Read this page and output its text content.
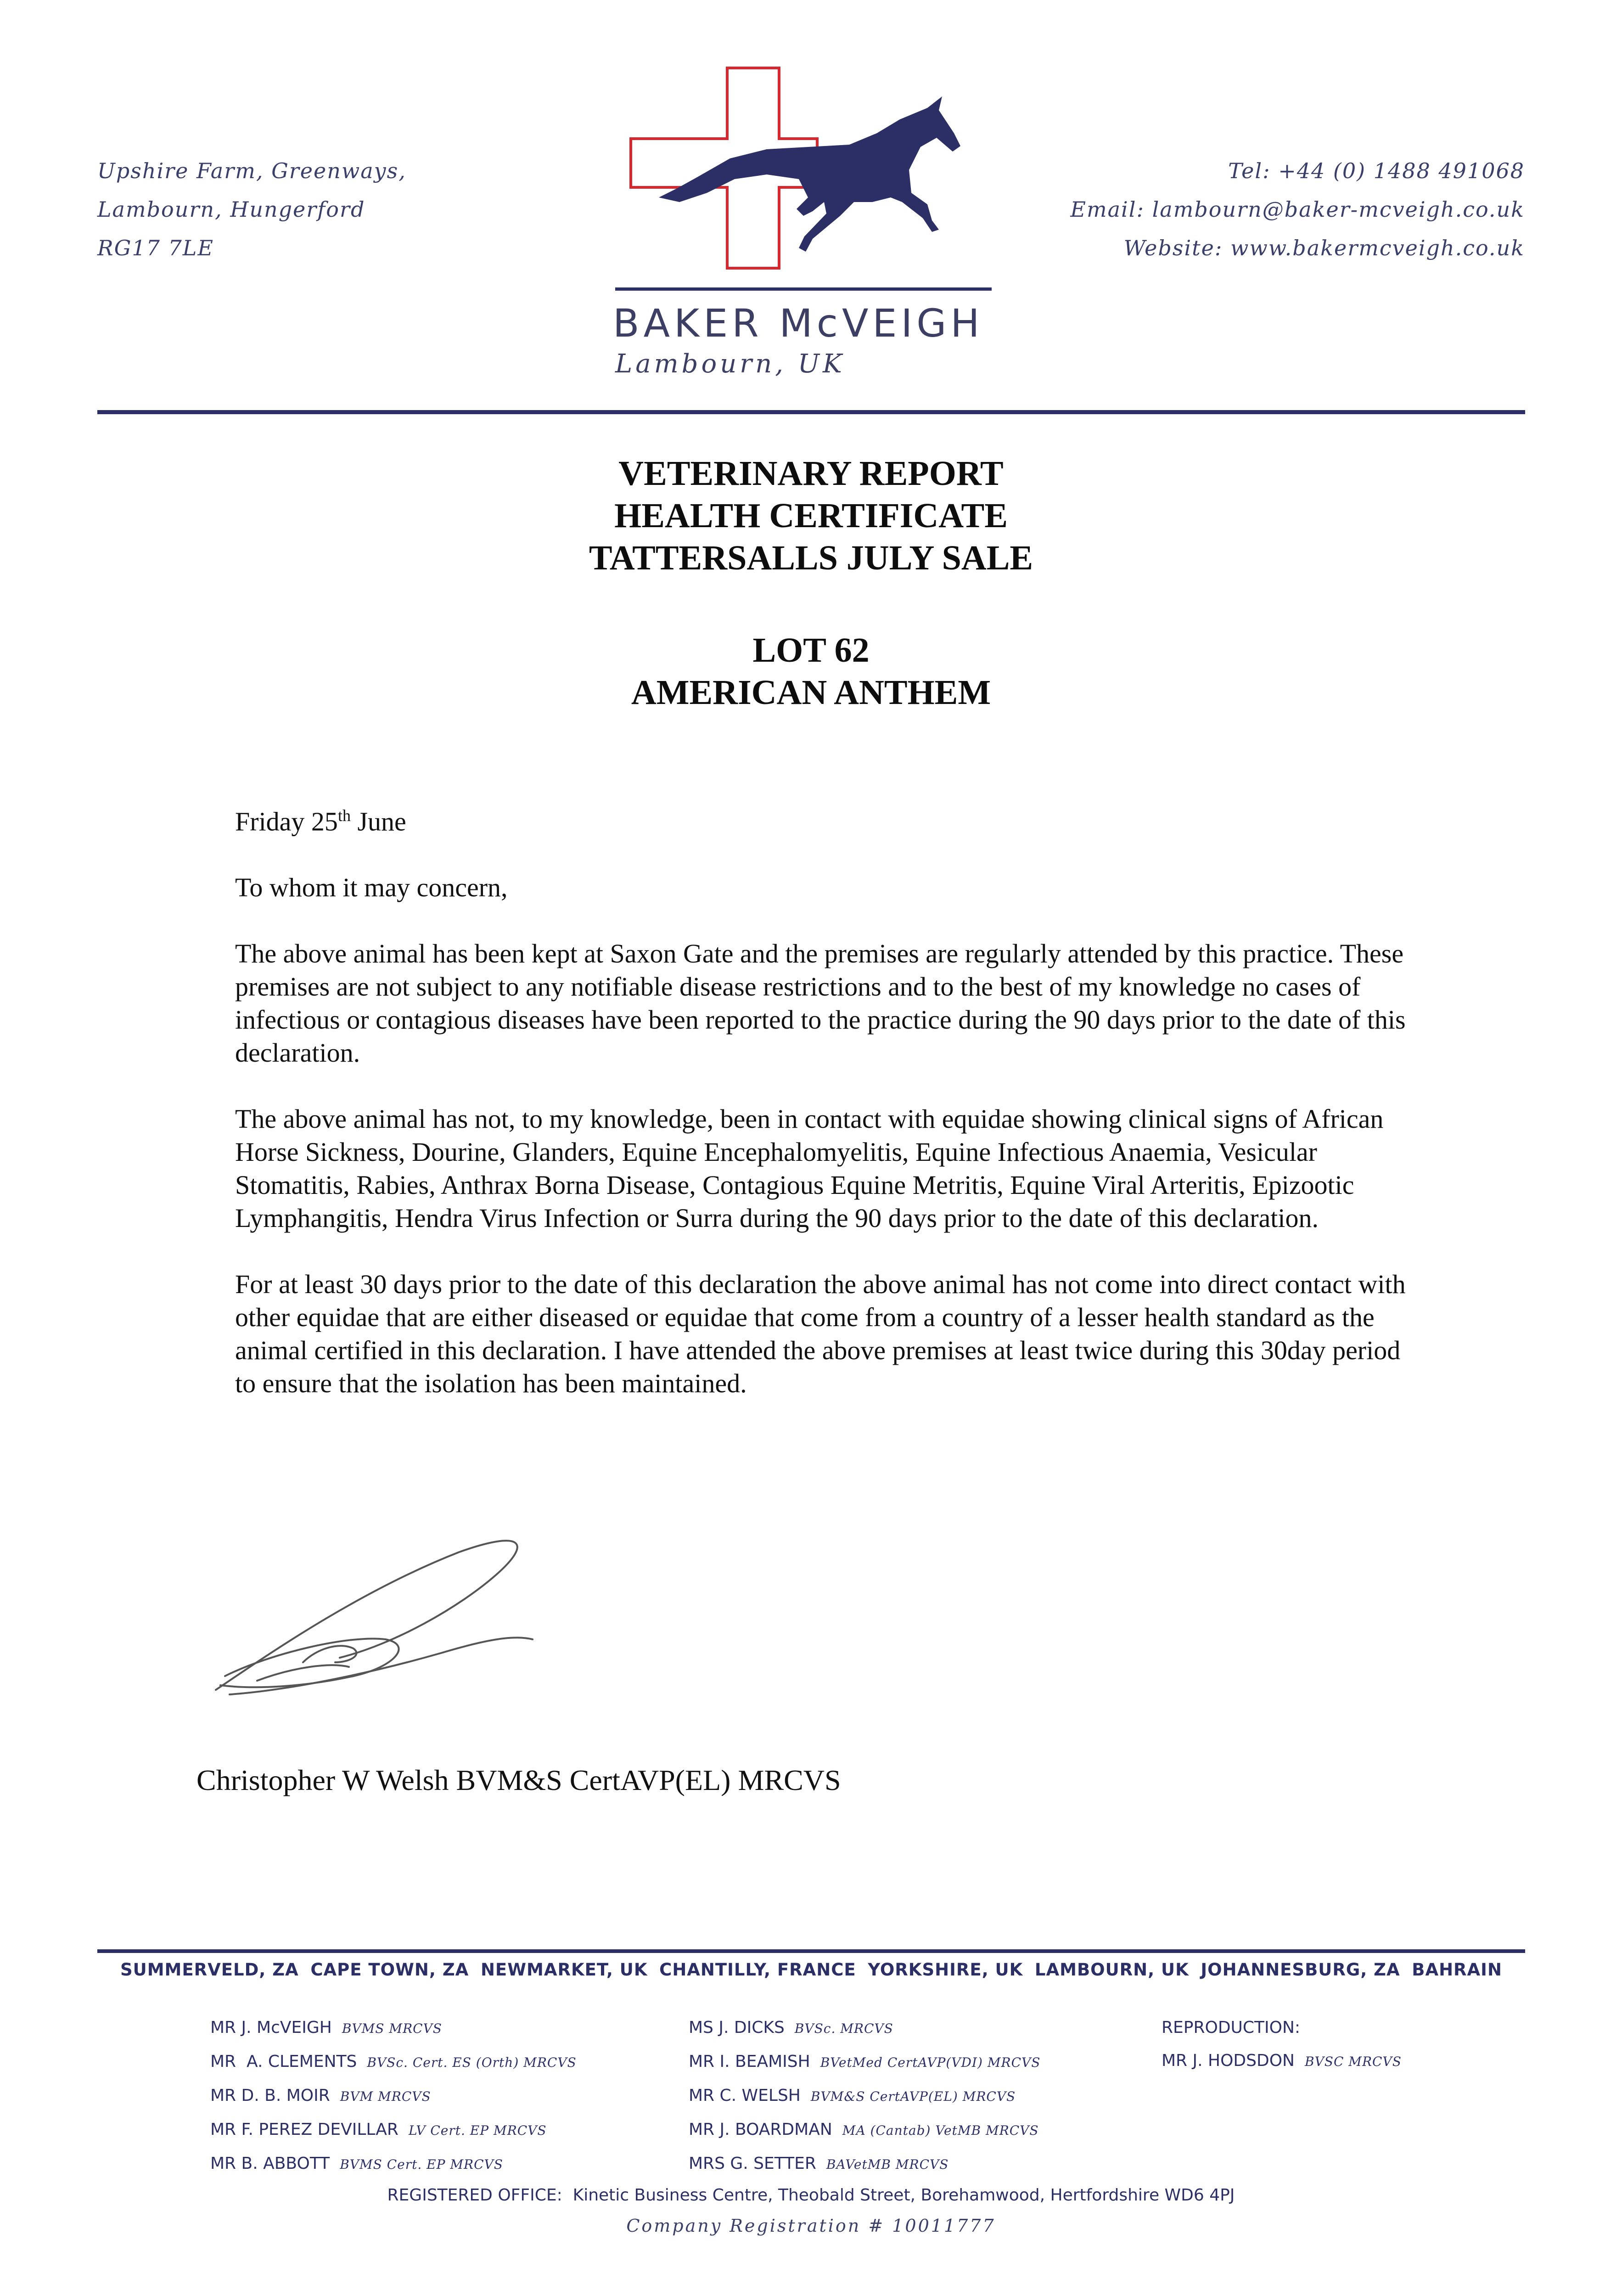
Upshire Farm, Greenways,
Lambourn, Hungerford
RG17 7LE
Tel: +44 (0) 1488 491068
Email: lambourn@baker-mcveigh.co.uk
Website: www.bakermcveigh.co.uk
BAKER McVEIGH
Lambourn, UK
VETERINARY REPORT
HEALTH CERTIFICATE
TATTERSALLS JULY SALE
LOT 62
AMERICAN ANTHEM

Friday 25th June

To whom it may concern,

The above animal has been kept at Saxon Gate and the premises are regularly attended by this practice. These premises are not subject to any notifiable disease restrictions and to the best of my knowledge no cases of infectious or contagious diseases have been reported to the practice during the 90 days prior to the date of this declaration.

The above animal has not, to my knowledge, been in contact with equidae showing clinical signs of African Horse Sickness, Dourine, Glanders, Equine Encephalomyelitis, Equine Infectious Anaemia, Vesicular Stomatitis, Rabies, Anthrax Borna Disease, Contagious Equine Metritis, Equine Viral Arteritis, Epizootic Lymphangitis, Hendra Virus Infection or Surra during the 90 days prior to the date of this declaration.

For at least 30 days prior to the date of this declaration the above animal has not come into direct contact with other equidae that are either diseased or equidae that come from a country of a lesser health standard as the animal certified in this declaration. I have attended the above premises at least twice during this 30day period to ensure that the isolation has been maintained.

Christopher W Welsh BVM&S CertAVP(EL) MRCVS
SUMMERVELD, ZA CAPE TOWN, ZA NEWMARKET, UK CHANTILLY, FRANCE YORKSHIRE, UK LAMBOURN, UK JOHANNESBURG, ZA BAHRAIN
MR J. McVEIGH BVMS MRCVS
MR  A. CLEMENTS BVSc. Cert. ES (Orth) MRCVS
MR D. B. MOIR BVM MRCVS
MR F. PEREZ DEVILLAR LV Cert. EP MRCVS
MR B. ABBOTT BVMS Cert. EP MRCVS
MS J. DICKS BVSc. MRCVS
MR I. BEAMISH BVetMed CertAVP(VDI) MRCVS
MR C. WELSH BVM&S CertAVP(EL) MRCVS
MR J. BOARDMAN MA (Cantab) VetMB MRCVS
MRS G. SETTER BAVetMB MRCVS
REPRODUCTION:
MR J. HODSDON BVSC MRCVS
REGISTERED OFFICE:  Kinetic Business Centre, Theobald Street, Borehamwood, Hertfordshire WD6 4PJ
Company Registration # 10011777
